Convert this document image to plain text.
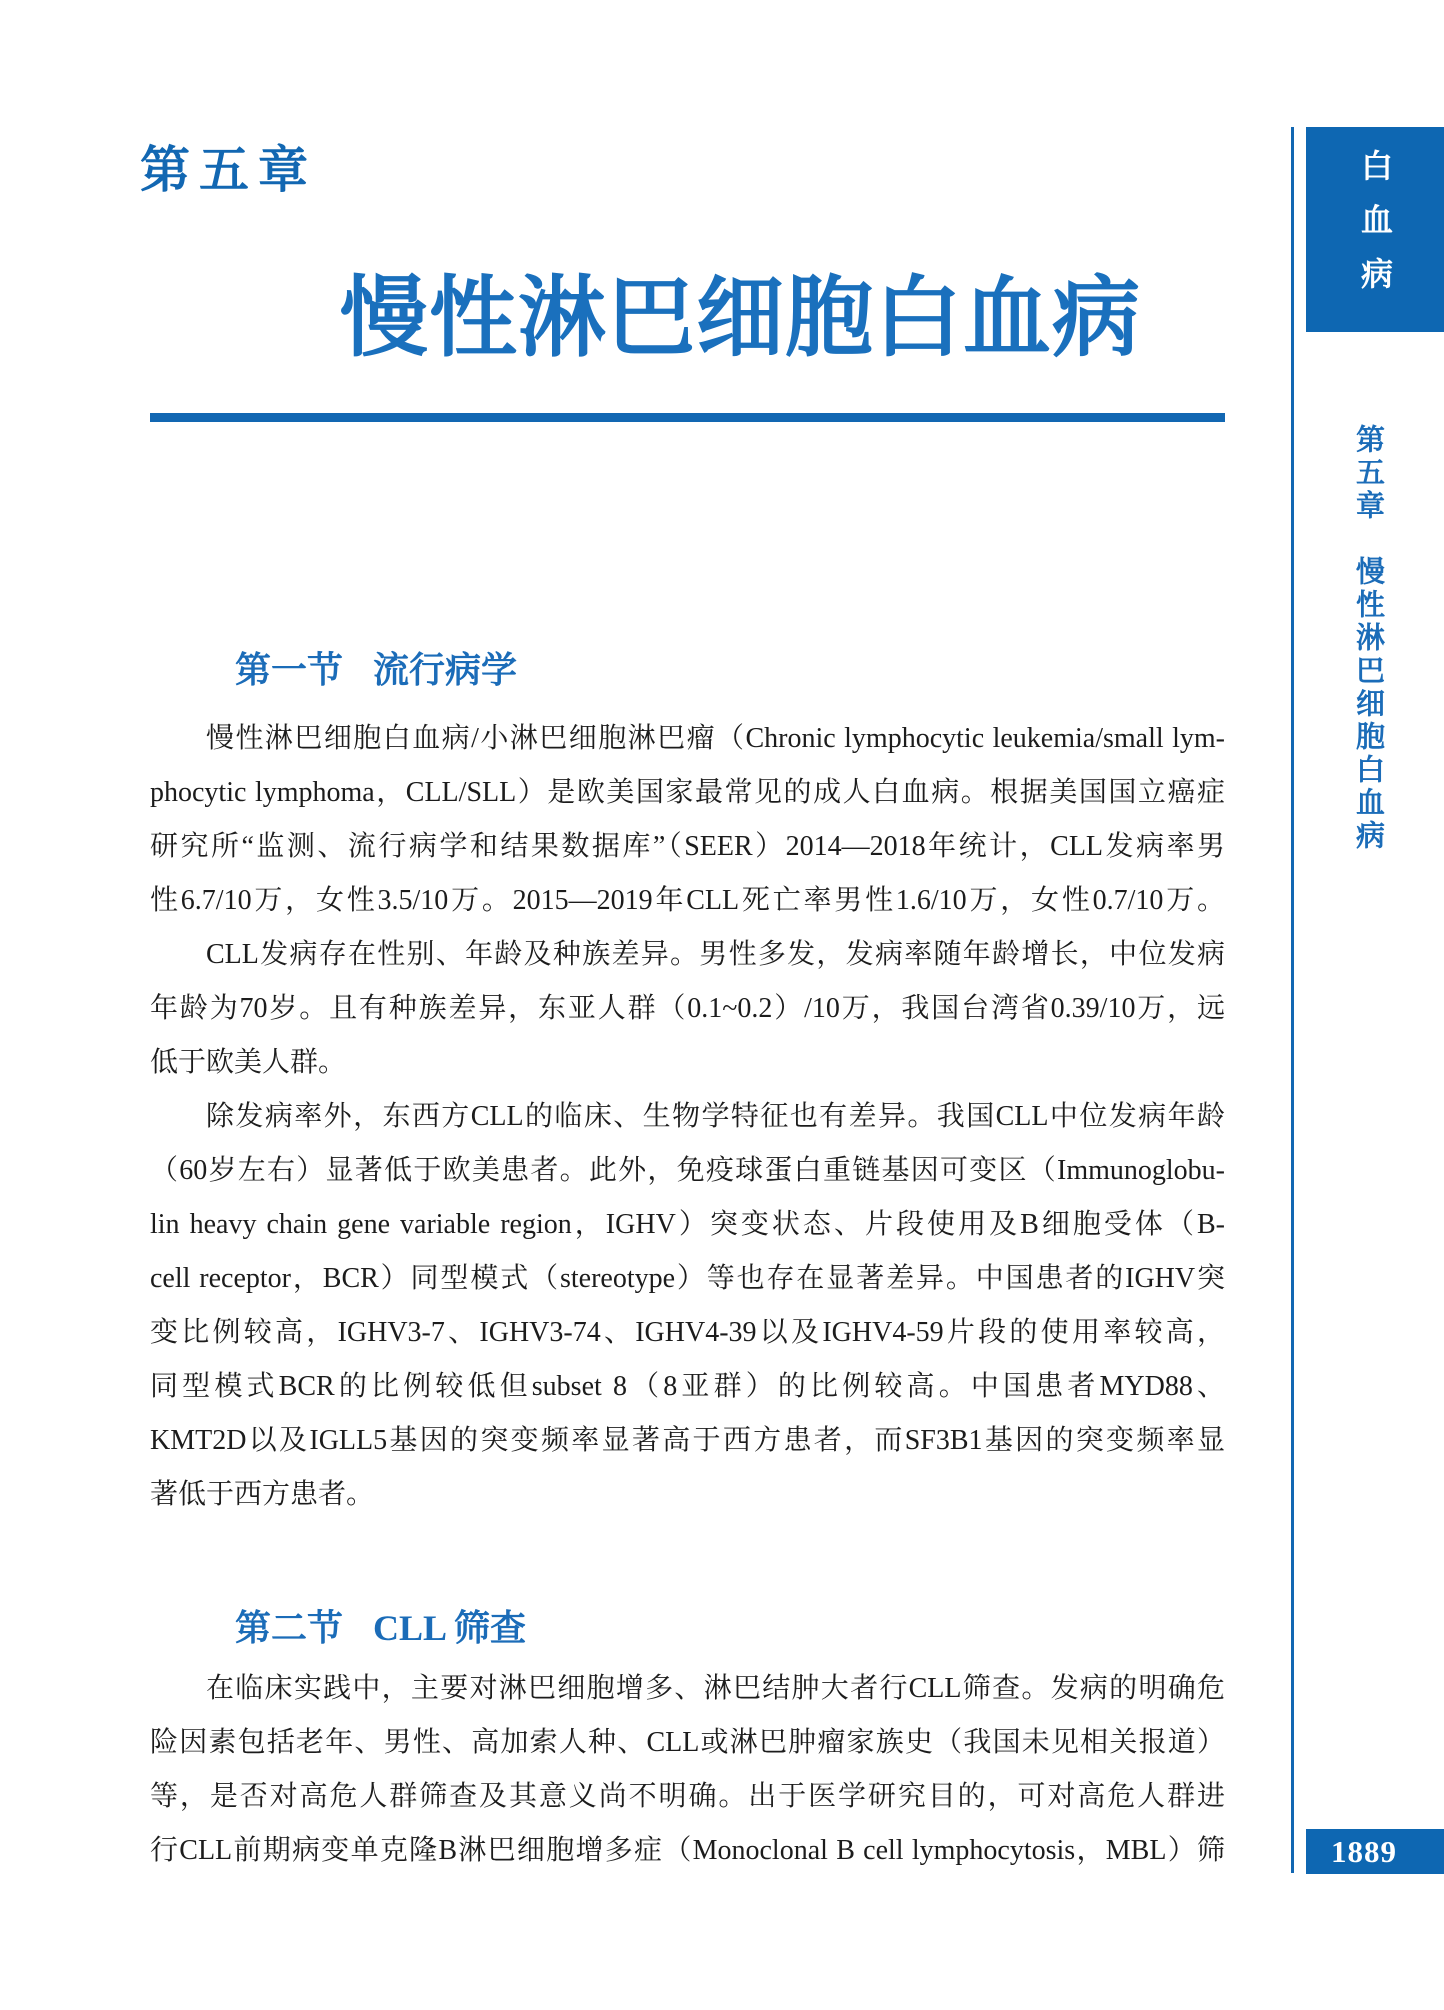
第五章
慢性淋巴细胞白血病
第一节 流行病学
慢性淋巴细胞白血病/小淋巴细胞淋巴瘤（Chronic lymphocytic leukemia/small lym-
phocytic lymphoma，CLL/SLL）是欧美国家最常见的成人白血病。根据美国国立癌症
研究所“监测、流行病学和结果数据库”（SEER）2014—2018年统计，CLL发病率男
性6.7/10万，女性3.5/10万。2015—2019年CLL死亡率男性1.6/10万，女性0.7/10万。
CLL发病存在性别、年龄及种族差异。男性多发，发病率随年龄增长，中位发病
年龄为70岁。且有种族差异，东亚人群（0.1~0.2）/10万，我国台湾省0.39/10万，远
低于欧美人群。
除发病率外，东西方CLL的临床、生物学特征也有差异。我国CLL中位发病年龄
（60岁左右）显著低于欧美患者。此外，免疫球蛋白重链基因可变区（Immunoglobu-
lin heavy chain gene variable region，IGHV）突变状态、片段使用及B细胞受体（B-
cell receptor，BCR）同型模式（stereotype）等也存在显著差异。中国患者的IGHV突
变比例较高，IGHV3-7、IGHV3-74、IGHV4-39以及IGHV4-59片段的使用率较高，
同型模式BCR的比例较低但subset 8（8亚群）的比例较高。中国患者MYD88、
KMT2D以及IGLL5基因的突变频率显著高于西方患者，而SF3B1基因的突变频率显
著低于西方患者。
第二节 CLL 筛查
在临床实践中，主要对淋巴细胞增多、淋巴结肿大者行CLL筛查。发病的明确危
险因素包括老年、男性、高加索人种、CLL或淋巴肿瘤家族史（我国未见相关报道）
等，是否对高危人群筛查及其意义尚不明确。出于医学研究目的，可对高危人群进
行CLL前期病变单克隆B淋巴细胞增多症（Monoclonal B cell lymphocytosis，MBL）筛
白血病
第五章　慢性淋巴细胞白血病
1889
